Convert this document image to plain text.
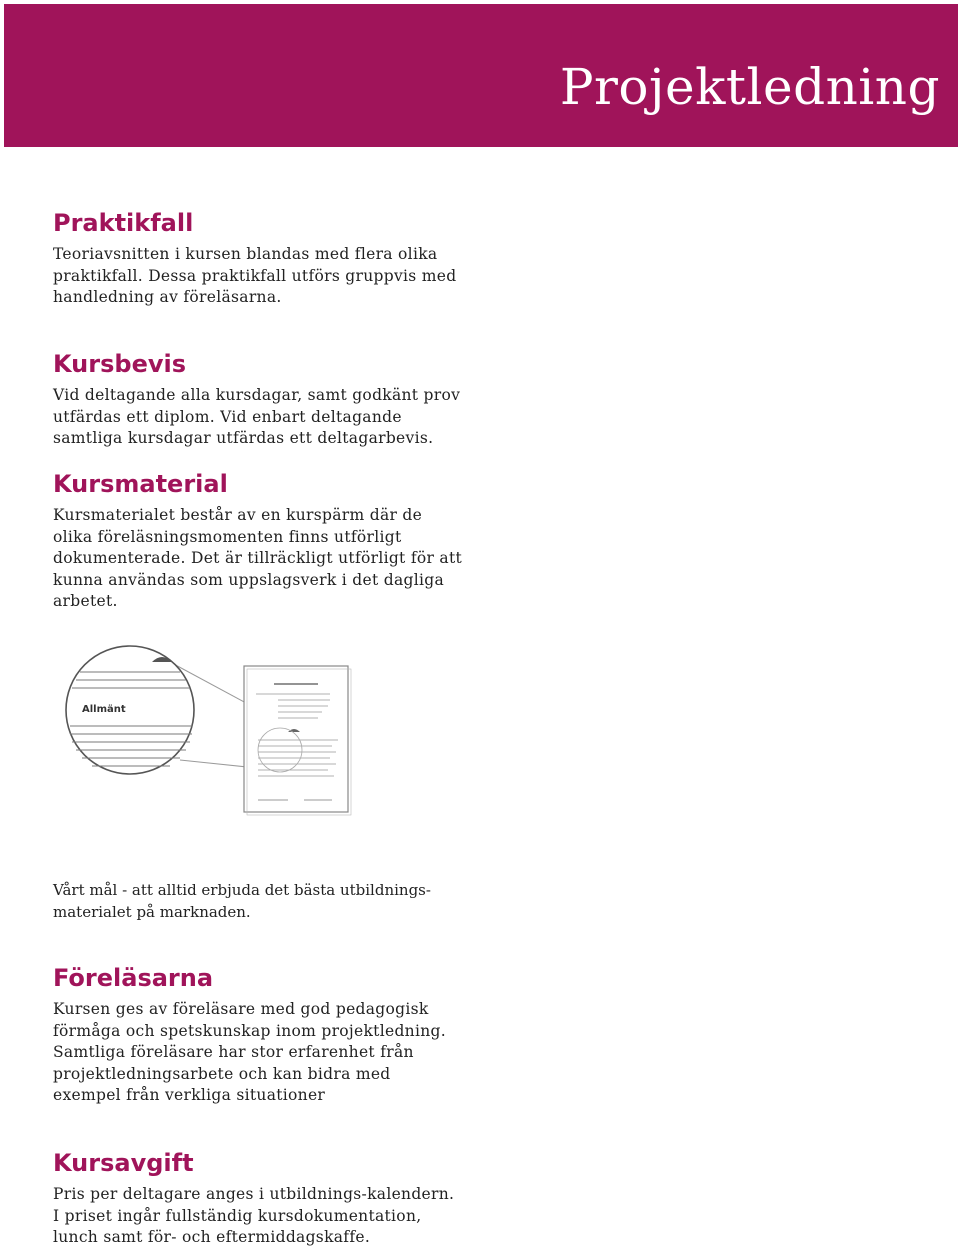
Projektledning
Praktikfall

Teoriavsnitten i kursen blandas med flera olika praktikfall. Dessa praktikfall utförs gruppvis med handledning av föreläsarna.

Kursbevis

Vid deltagande alla kursdagar, samt godkänt prov utfärdas ett diplom. Vid enbart deltagande samtliga kursdagar utfärdas ett deltagarbevis.

Kursmaterial

Kursmaterialet består av en kurspärm där de olika föreläsningsmomenten finns utförligt dokumenterade. Det är tillräckligt utförligt för att kunna användas som uppslagsverk i det dagliga arbetet.

Allmänt

Vårt mål - att alltid erbjuda det bästa utbildnings-materialet på marknaden.

Föreläsarna

Kursen ges av föreläsare med god pedagogisk förmåga och spetskunskap inom projektledning. Samtliga föreläsare har stor erfarenhet från projektledningsarbete och kan bidra med exempel från verkliga situationer

Kursavgift

Pris per deltagare anges i utbildnings-kalendern. I priset ingår fullständig kursdokumentation, lunch samt för- och eftermiddagskaffe.
